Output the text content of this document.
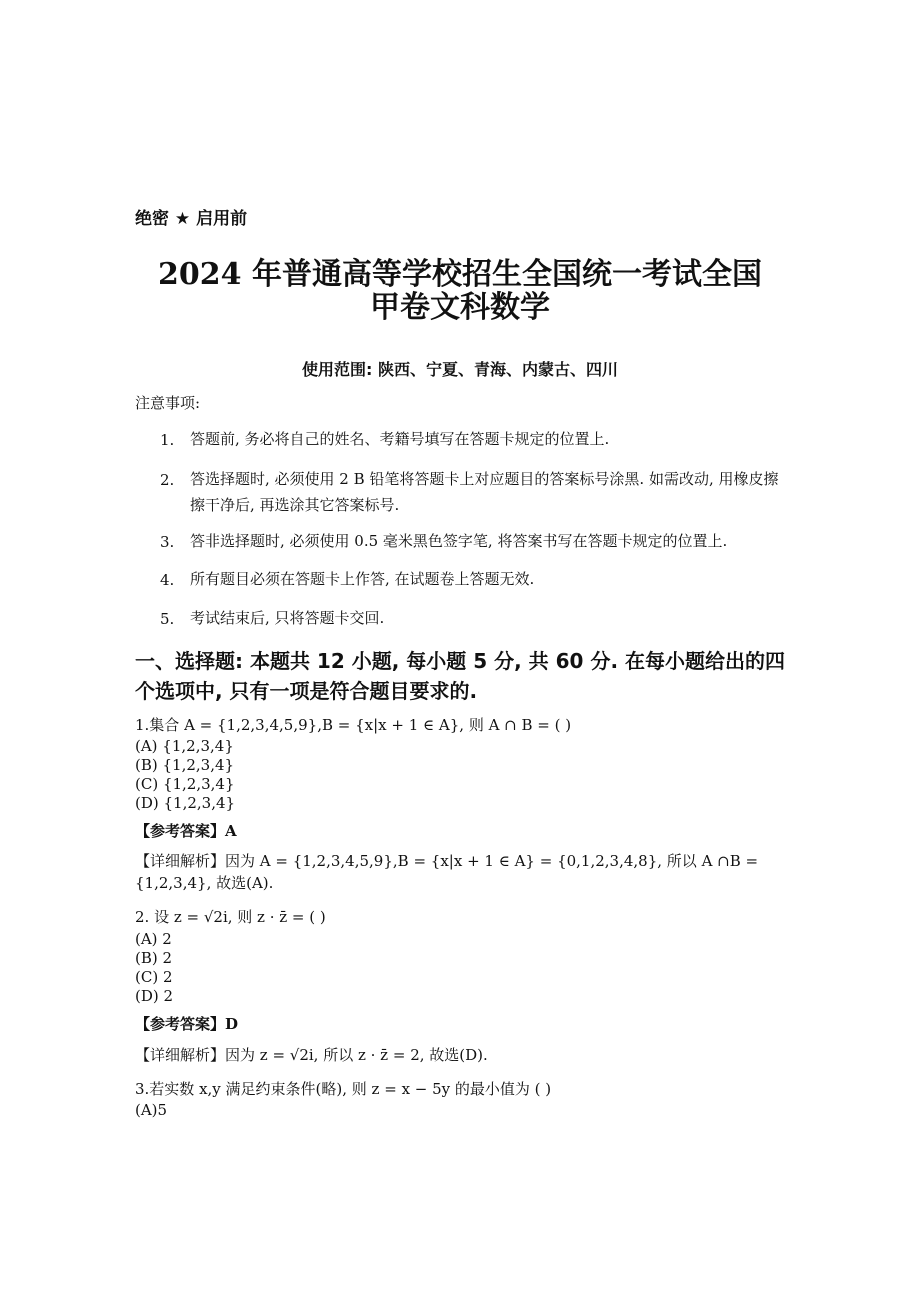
绝密 ★ 启用前
2024 年普通高等学校招生全国统一考试全国
甲卷文科数学
使用范围: 陕西、宁夏、青海、内蒙古、四川
注意事项:
1. 答题前, 务必将自己的姓名、考籍号填写在答题卡规定的位置上.
2. 答选择题时, 必须使用 2 B 铅笔将答题卡上对应题目的答案标号涂黑. 如需改动, 用橡皮擦擦干净后, 再选涂其它答案标号.
3. 答非选择题时, 必须使用 0.5 毫米黑色签字笔, 将答案书写在答题卡规定的位置上.
4. 所有题目必须在答题卡上作答, 在试题卷上答题无效.
5. 考试结束后, 只将答题卡交回.
一、选择题: 本题共 12 小题, 每小题 5 分, 共 60 分. 在每小题给出的四个选项中, 只有一项是符合题目要求的.
1.集合 A = {1,2,3,4,5,9},B = {x|x + 1 ∈ A}, 则 A ∩ B = ( )
(A) {1,2,3,4}
(B) {1,2,3,4}
(C) {1,2,3,4}
(D) {1,2,3,4}
【参考答案】A
【详细解析】因为 A = {1,2,3,4,5,9},B = {x|x + 1 ∈ A} = {0,1,2,3,4,8}, 所以 A ∩B = {1,2,3,4}, 故选(A).
2. 设 z = √2i, 则 z · z̄ = ( )
(A) 2
(B) 2
(C) 2
(D) 2
【参考答案】D
【详细解析】因为 z = √2i, 所以 z · z̄ = 2, 故选(D).
3.若实数 x,y 满足约束条件(略), 则 z = x − 5y 的最小值为 ( )
(A)5
